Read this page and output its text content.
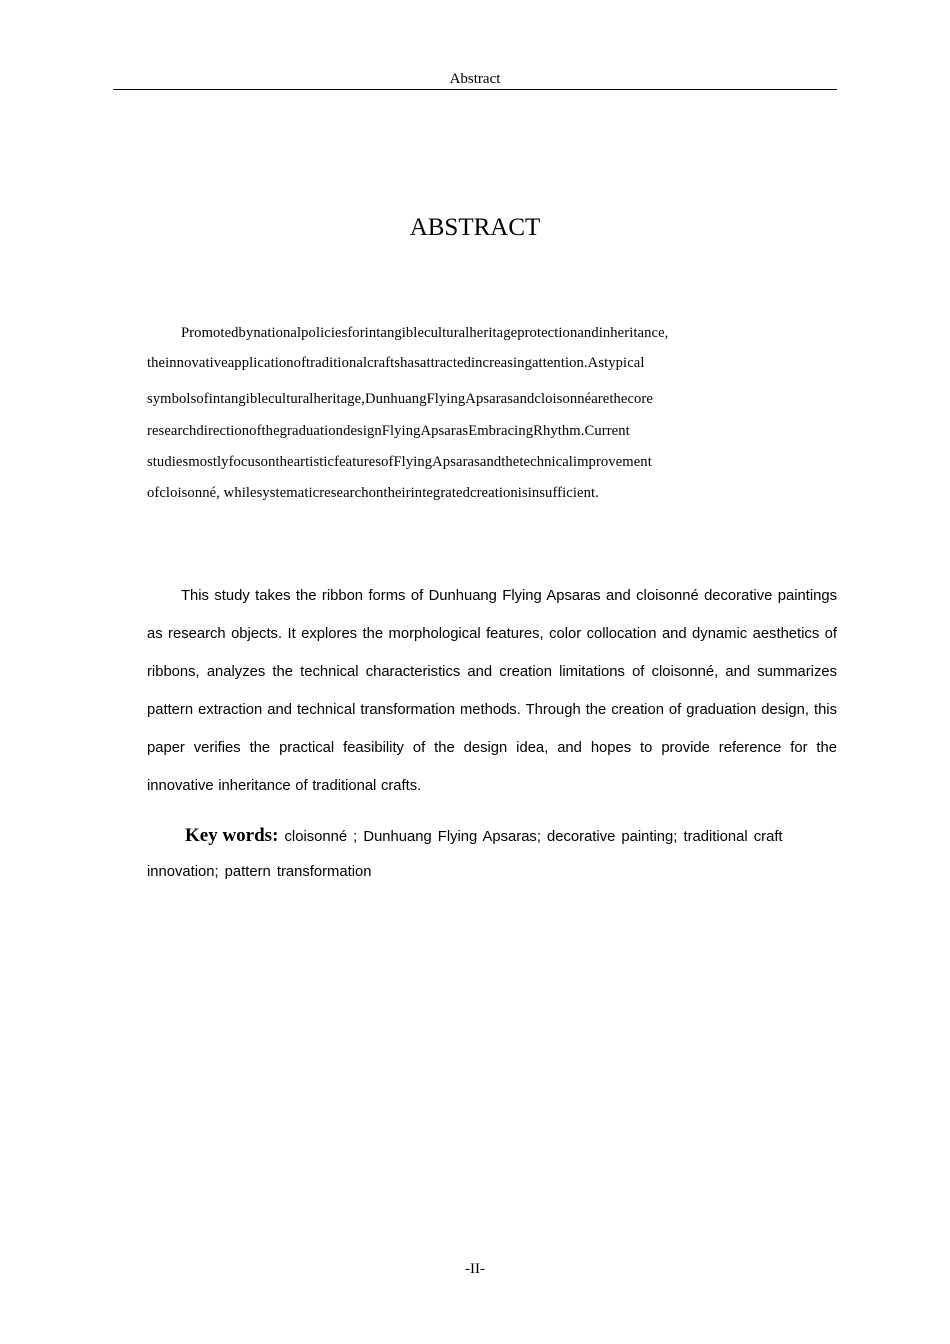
Abstract
ABSTRACT
Promotedbynationalpoliciesforintangibleculturalheritageprotectionandinheritance,
theinnovativeapplicationoftraditionalcraftshasattractedincreasingattention.Astypical
symbolsofintangibleculturalheritage,DunhuangFlyingApsarasandcloisonnéarethecore
researchdirectionofthegraduationdesignFlyingApsarasEmbracingRhythm.Current
studiesmostlyfocusontheartisticfeaturesofFlyingApsarasandthetechnicalimprovement
ofcloisonné, whilesystematicresearchontheirintegratedcreationisinsufficient.
This study takes the ribbon forms of Dunhuang Flying Apsaras and cloisonné decorative paintings as research objects. It explores the morphological features, color collocation and dynamic aesthetics of ribbons, analyzes the technical characteristics and creation limitations of cloisonné, and summarizes pattern extraction and technical transformation methods. Through the creation of graduation design, this paper verifies the practical feasibility of the design idea, and hopes to provide reference for the innovative inheritance of traditional crafts.
Key words: cloisonné ; Dunhuang Flying Apsaras; decorative painting; traditional craft innovation; pattern transformation
-II-
